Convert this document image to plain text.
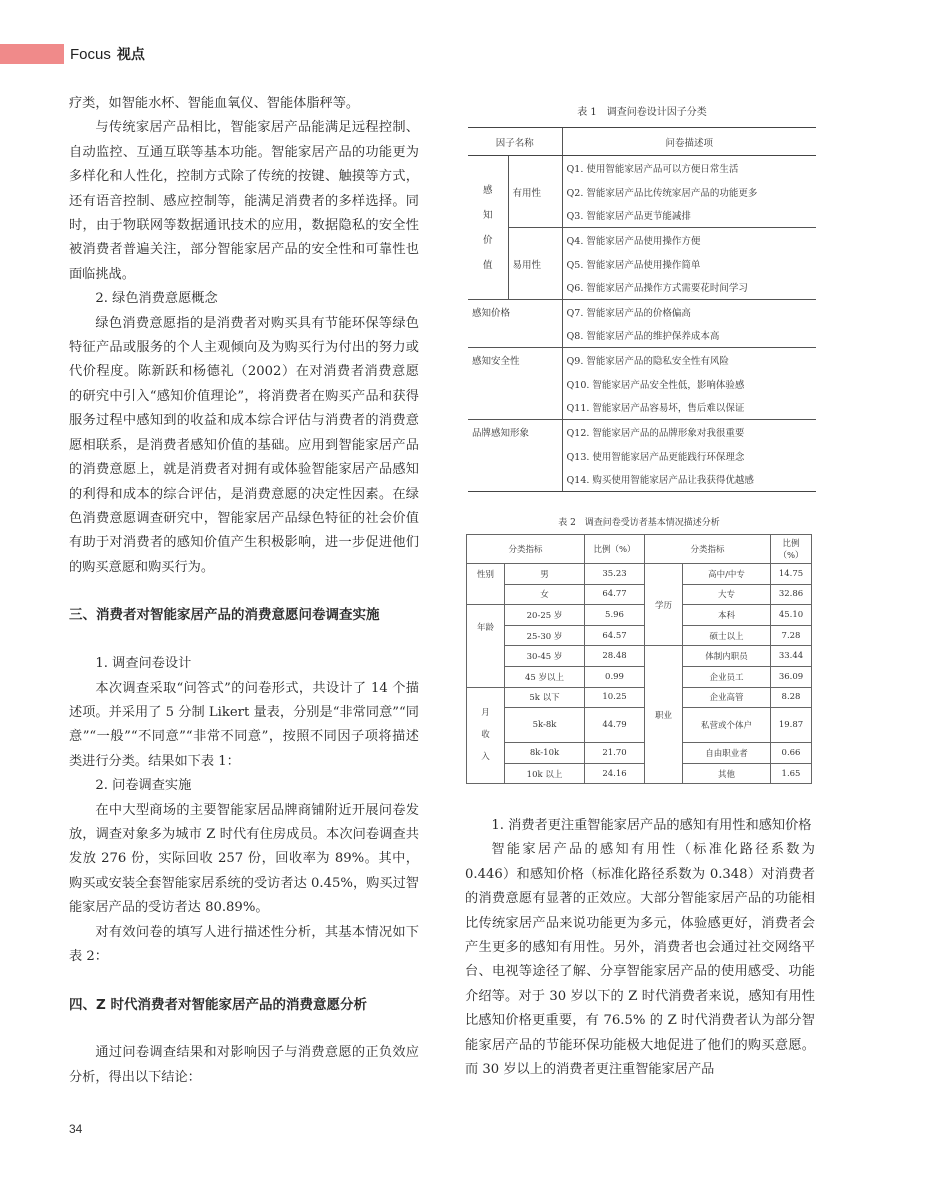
Focus 视点

疗类，如智能水杯、智能血氧仪、智能体脂秤等。

与传统家居产品相比，智能家居产品能满足远程控制、自动监控、互通互联等基本功能。智能家居产品的功能更为多样化和人性化，控制方式除了传统的按键、触摸等方式，还有语音控制、感应控制等，能满足消费者的多样选择。同时，由于物联网等数据通讯技术的应用，数据隐私的安全性被消费者普遍关注，部分智能家居产品的安全性和可靠性也面临挑战。

2. 绿色消费意愿概念

绿色消费意愿指的是消费者对购买具有节能环保等绿色特征产品或服务的个人主观倾向及为购买行为付出的努力或代价程度。陈新跃和杨德礼（2002）在对消费者消费意愿的研究中引入“感知价值理论”，将消费者在购买产品和获得服务过程中感知到的收益和成本综合评估与消费者的消费意愿相联系，是消费者感知价值的基础。应用到智能家居产品的消费意愿上，就是消费者对拥有或体验智能家居产品感知的利得和成本的综合评估，是消费意愿的决定性因素。在绿色消费意愿调查研究中，智能家居产品绿色特征的社会价值有助于对消费者的感知价值产生积极影响，进一步促进他们的购买意愿和购买行为。

三、消费者对智能家居产品的消费意愿问卷调查实施

1. 调查问卷设计

本次调查采取“问答式”的问卷形式，共设计了 14 个描述项。并采用了 5 分制 Likert 量表，分别是“非常同意”“同意”“一般”“不同意”“非常不同意”，按照不同因子项将描述类进行分类。结果如下表 1：

2. 问卷调查实施

在中大型商场的主要智能家居品牌商铺附近开展问卷发放，调查对象多为城市 Z 时代有住房成员。本次问卷调查共发放 276 份，实际回收 257 份，回收率为 89%。其中，购买或安装全套智能家居系统的受访者达 0.45%，购买过智能家居产品的受访者达 80.89%。

对有效问卷的填写人进行描述性分析，其基本情况如下表 2：

四、Z 时代消费者对智能家居产品的消费意愿分析

通过问卷调查结果和对影响因子与消费意愿的正负效应分析，得出以下结论：

表 1　调查问卷设计因子分类
因子名称		问卷描述项

感
知
价
值	有用性	Q1. 使用智能家居产品可以方便日常生活
		Q2. 智能家居产品比传统家居产品的功能更多
		Q3. 智能家居产品更节能减排
	易用性	Q4. 智能家居产品使用操作方便
		Q5. 智能家居产品使用操作简单
		Q6. 智能家居产品操作方式需要花时间学习
感知价格		Q7. 智能家居产品的价格偏高
		Q8. 智能家居产品的维护保养成本高
感知安全性		Q9. 智能家居产品的隐私安全性有风险
		Q10. 智能家居产品安全性低，影响体验感
		Q11. 智能家居产品容易坏，售后难以保证
品牌感知形象		Q12. 智能家居产品的品牌形象对我很重要
		Q13. 使用智能家居产品更能践行环保理念
		Q14. 购买使用智能家居产品让我获得优越感
表 2　调查问卷受访者基本情况描述分析
分类指标		比例（%）	分类指标		比例（%）
性别	男	35.23	学历	高中/中专	14.75
	女	64.77		大专	32.86
年龄	20-25 岁	5.96		本科	45.10
	25-30 岁	64.57		硕士以上	7.28
	30-45 岁	28.48	职业	体制内职员	33.44
	45 岁以上	0.99		企业员工	36.09

月
收
入	5k 以下	10.25		企业高管	8.28
	5k-8k	44.79		私营或个体户	19.87
	8k-10k	21.70		自由职业者	0.66
	10k 以上	24.16		其他	1.65

1. 消费者更注重智能家居产品的感知有用性和感知价格

智能家居产品的感知有用性（标准化路径系数为 0.446）和感知价格（标准化路径系数为 0.348）对消费者的消费意愿有显著的正效应。大部分智能家居产品的功能相比传统家居产品来说功能更为多元，体验感更好，消费者会产生更多的感知有用性。另外，消费者也会通过社交网络平台、电视等途径了解、分享智能家居产品的使用感受、功能介绍等。对于 30 岁以下的 Z 时代消费者来说，感知有用性比感知价格更重要，有 76.5% 的 Z 时代消费者认为部分智能家居产品的节能环保功能极大地促进了他们的购买意愿。而 30 岁以上的消费者更注重智能家居产品

34
